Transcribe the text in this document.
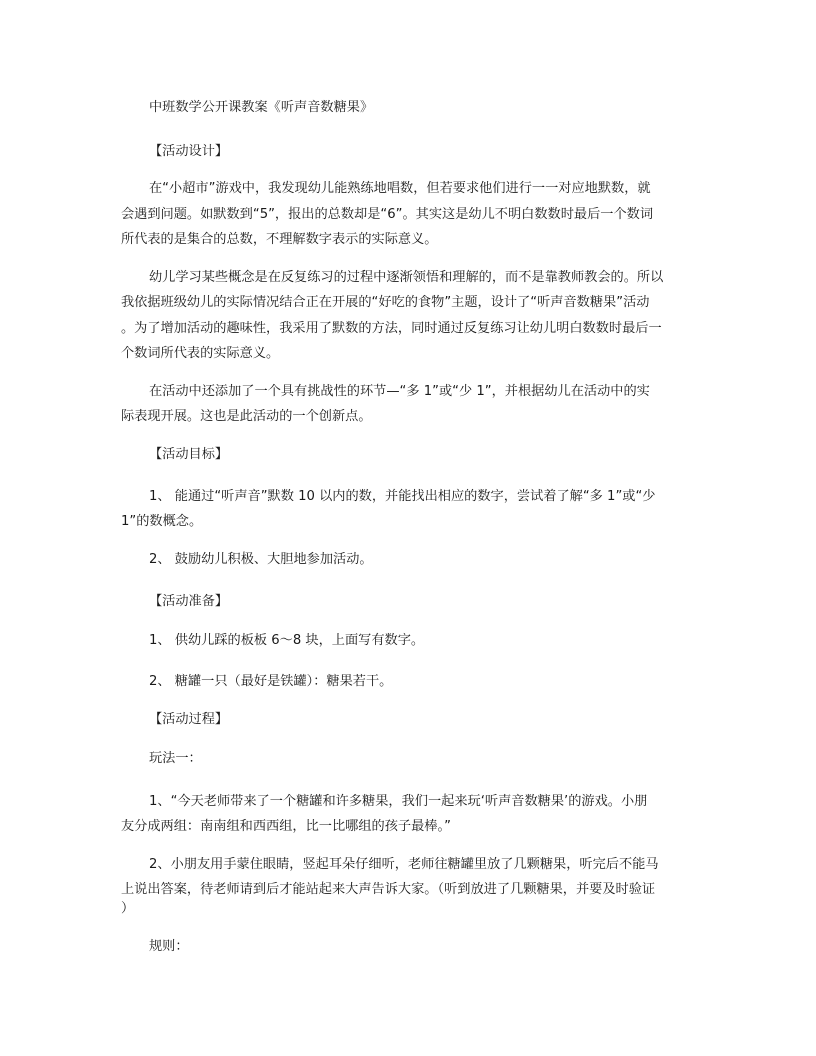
中班数学公开课教案《听声音数糖果》
【活动设计】
在“小超市”游戏中，我发现幼儿能熟练地唱数，但若要求他们进行一一对应地默数，就
会遇到问题。如默数到“5”，报出的总数却是“6”。其实这是幼儿不明白数数时最后一个数词
所代表的是集合的总数，不理解数字表示的实际意义。
幼儿学习某些概念是在反复练习的过程中逐渐领悟和理解的，而不是靠教师教会的。所以
我依据班级幼儿的实际情况结合正在开展的“好吃的食物”主题，设计了“听声音数糖果”活动
。为了增加活动的趣味性，我采用了默数的方法，同时通过反复练习让幼儿明白数数时最后一
个数词所代表的实际意义。
在活动中还添加了一个具有挑战性的环节—“多 1”或“少 1”，并根据幼儿在活动中的实
际表现开展。这也是此活动的一个创新点。
【活动目标】
1、 能通过“听声音”默数 10 以内的数，并能找出相应的数字，尝试着了解“多 1”或“少
1”的数概念。
2、 鼓励幼儿积极、大胆地参加活动。
【活动准备】
1、 供幼儿踩的板板 6～8 块，上面写有数字。
2、 糖罐一只（最好是铁罐）：糖果若干。
【活动过程】
玩法一：
1、“今天老师带来了一个糖罐和许多糖果，我们一起来玩‘听声音数糖果’的游戏。小朋
友分成两组：南南组和西西组，比一比哪组的孩子最棒。”
2、小朋友用手蒙住眼睛，竖起耳朵仔细听，老师往糖罐里放了几颗糖果，听完后不能马
上说出答案，待老师请到后才能站起来大声告诉大家。（听到放进了几颗糖果，并要及时验证
）
规则：
